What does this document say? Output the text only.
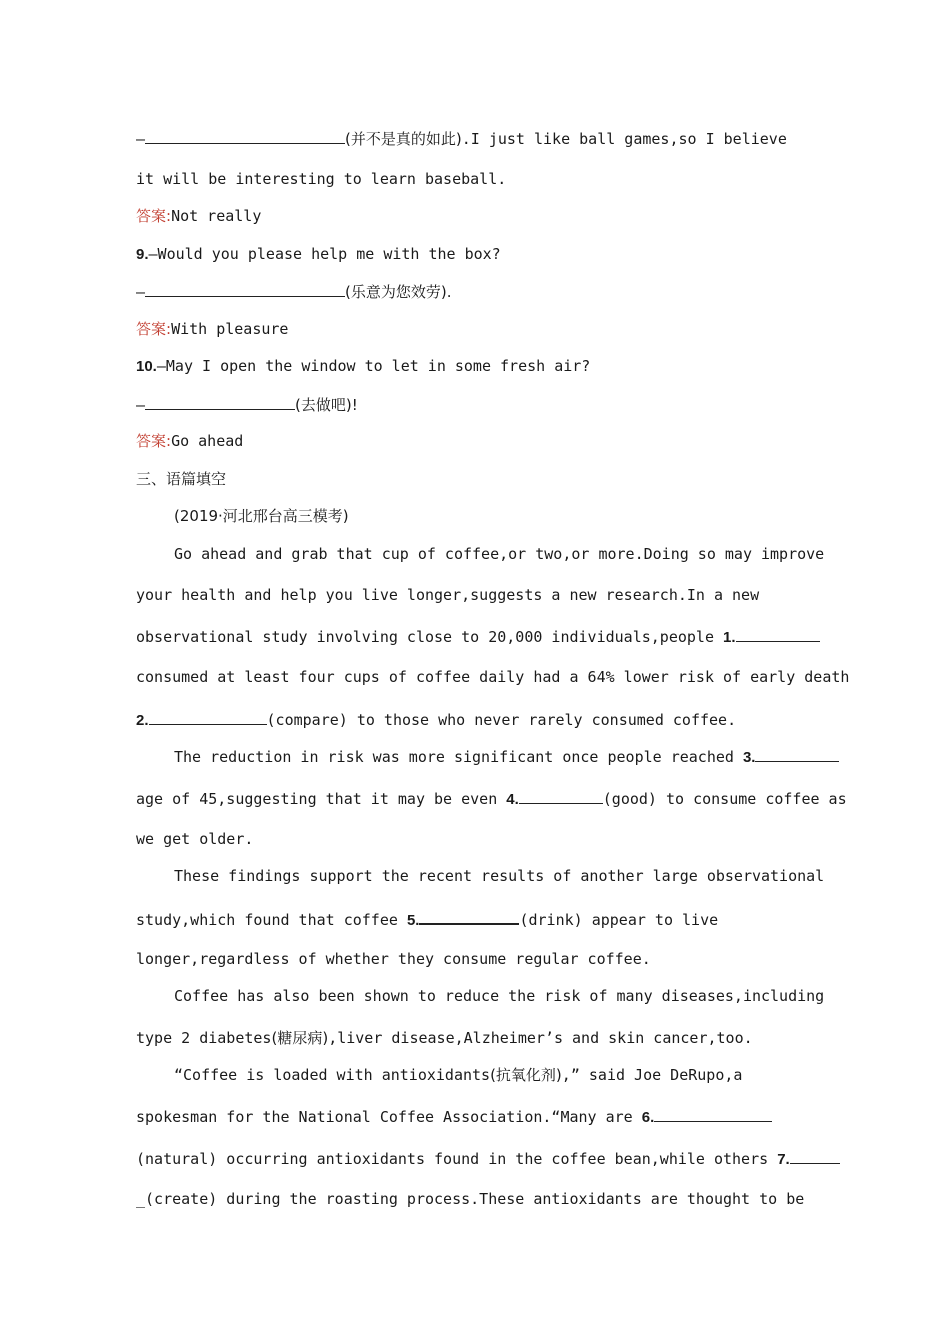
—	(并不是真的如此).I just like ball games,so I believe
it will be interesting to learn baseball.
答案:Not really
9.—Would you please help me with the box?
—	(乐意为您效劳).
答案:With pleasure
10.—May I open the window to let in some fresh air?
—	(去做吧)!
答案:Go ahead
三、语篇填空
(2019·河北邢台高三模考)
Go ahead and grab that cup of coffee,or two,or more.Doing so may improve
your health and help you live longer,suggests a new research.In a new
observational study involving close to 20,000 individuals,people 1.
consumed at least four cups of coffee daily had a 64% lower risk of early death
2.	(compare) to those who never rarely consumed coffee.
The reduction in risk was more significant once people reached 3.
age of 45,suggesting that it may be even 4.	(good) to consume coffee as
we get older.
These findings support the recent results of another large observational
study,which found that coffee 5.	(drink) appear to live
longer,regardless of whether they consume regular coffee.
Coffee has also been shown to reduce the risk of many diseases,including
type 2 diabetes(糖尿病),liver disease,Alzheimer’s and skin cancer,too.
“Coffee is loaded with antioxidants(抗氧化剂),” said Joe DeRupo,a
spokesman for the National Coffee Association.“Many are 6.
(natural) occurring antioxidants found in the coffee bean,while others 7.
_(create) during the roasting process.These antioxidants are thought to be
